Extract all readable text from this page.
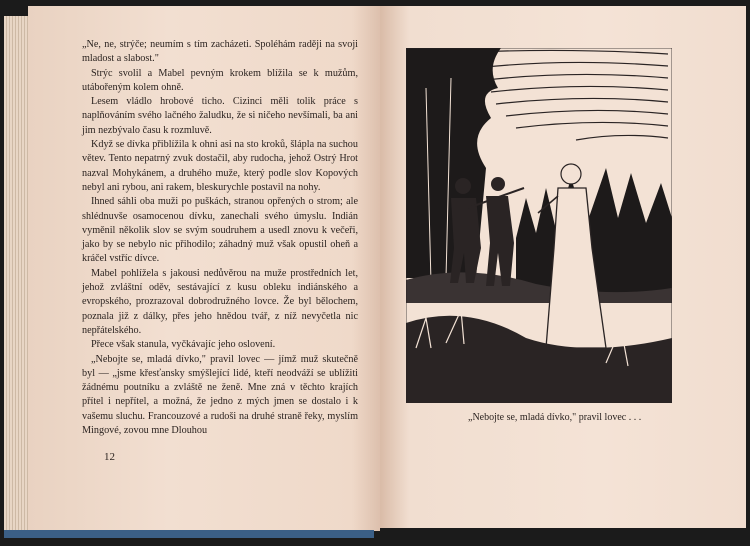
„Ne, ne, strýče; neumím s tím zacházeti. Spoléhám raději na svoji mladost a slabost."

Strýc svolil a Mabel pevným krokem blížila se k mužům, utábořeným kolem ohně.

Lesem vládlo hrobové ticho. Cizinci měli tolik práce s naplňováním svého lačného žaludku, že si ničeho nevšímali, ba ani jim nezbývalo času k rozmluvě.

Když se dívka přiblížila k ohni asi na sto kroků, šlápla na suchou větev. Tento nepatrný zvuk dostačil, aby rudocha, jehož Ostrý Hrot nazval Mohykánem, a druhého muže, který podle slov Kopových nebyl ani rybou, ani rakem, bleskurychle postavil na nohy.

Ihned sáhli oba muži po puškách, stranou opřených o strom; ale shlédnuvše osamocenou dívku, zanechali svého úmyslu. Indián vyměnil několik slov se svým soudruhem a usedl znovu k večeři, jako by se nebylo nic přihodilo; záhadný muž však opustil oheň a kráčel vstříc dívce.

Mabel pohlížela s jakousi nedůvěrou na muže prostředních let, jehož zvláštní oděv, sestávající z kusu obleku indiánského a evropského, prozrazoval dobrodružného lovce. Že byl bělochem, poznala již z dálky, přes jeho hnědou tvář, z níž nevyčetla nic nepřátelského.

Přece však stanula, vyčkávajíc jeho oslovení.

„Nebojte se, mladá dívko," pravil lovec — jímž muž skutečně byl — „jsme křesťansky smýšlející lidé, kteří neodváží se ublížiti žádnému poutníku a zvláště ne ženě. Mne zná v těchto krajích přítel i nepřítel, a možná, že jedno z mých jmen se dostalo i k vašemu sluchu. Francouzové a rudoši na druhé straně řeky, myslím Mingové, zovou mne Dlouhou

12
„Nebojte se, mladá dívko," pravil lovec . . .
